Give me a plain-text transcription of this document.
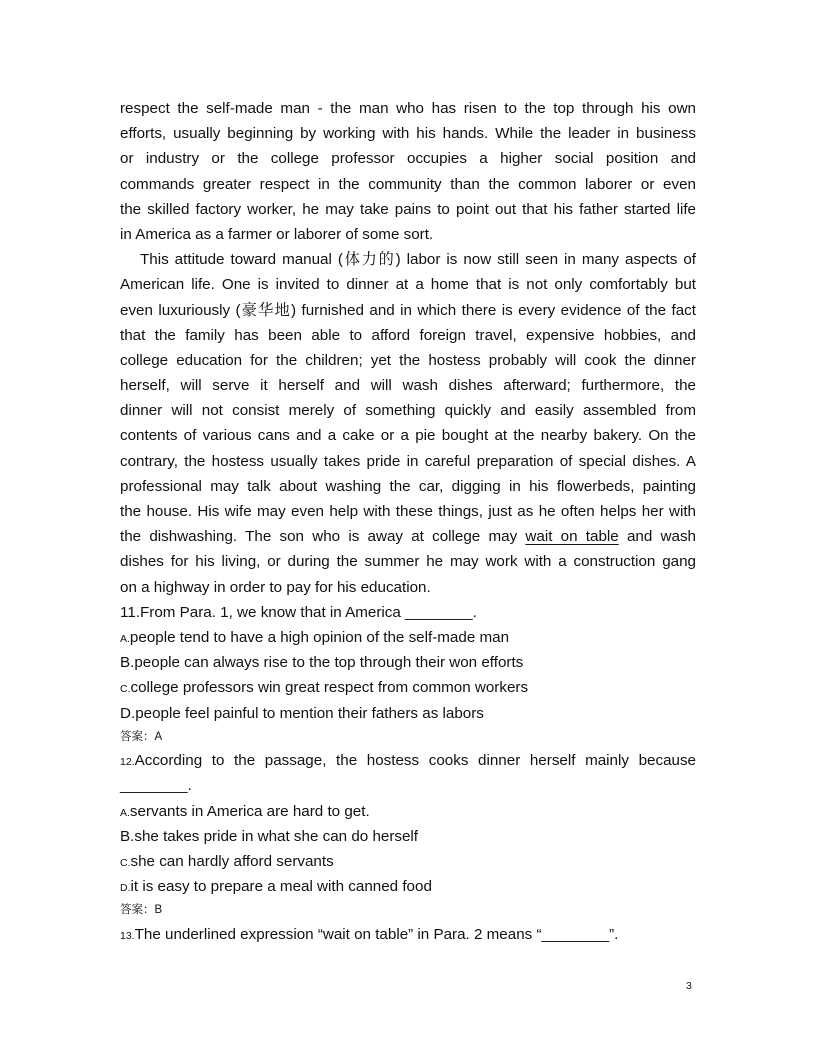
respect the self-made man - the man who has risen to the top through his own
efforts, usually beginning by working with his hands. While the leader in business
or industry or the college professor occupies a higher social position and
commands greater respect in the community than the common laborer or even
the skilled factory worker, he may take pains to point out that his father started life
in America as a farmer or laborer of some sort.
This attitude toward manual (体力的) labor is now still seen in many aspects of
American life. One is invited to dinner at a home that is not only comfortably but
even luxuriously (豪华地) furnished and in which there is every evidence of the fact
that the family has been able to afford foreign travel, expensive hobbies, and
college education for the children; yet the hostess probably will cook the dinner
herself, will serve it herself and will wash dishes afterward; furthermore, the
dinner will not consist merely of something quickly and easily assembled from
contents of various cans and a cake or a pie bought at the nearby bakery. On the
contrary, the hostess usually takes pride in careful preparation of special dishes. A
professional may talk about washing the car, digging in his flowerbeds, painting
the house. His wife may even help with these things, just as he often helps her with
the dishwashing. The son who is away at college may wait on table and wash
dishes for his living, or during the summer he may work with a construction gang
on a highway in order to pay for his education.
11.From Para. 1, we know that in America ________.
A.people tend to have a high opinion of the self-made man
B.people can always rise to the top through their won efforts
C.college professors win great respect from common workers
D.people feel painful to mention their fathers as labors
答案：A
12.According to the passage, the hostess cooks dinner herself mainly because
________.
A.servants in America are hard to get.
B.she takes pride in what she can do herself
C.she can hardly afford servants
D.it is easy to prepare a meal with canned food
答案：B
13.The underlined expression “wait on table” in Para. 2 means “________”.
3
